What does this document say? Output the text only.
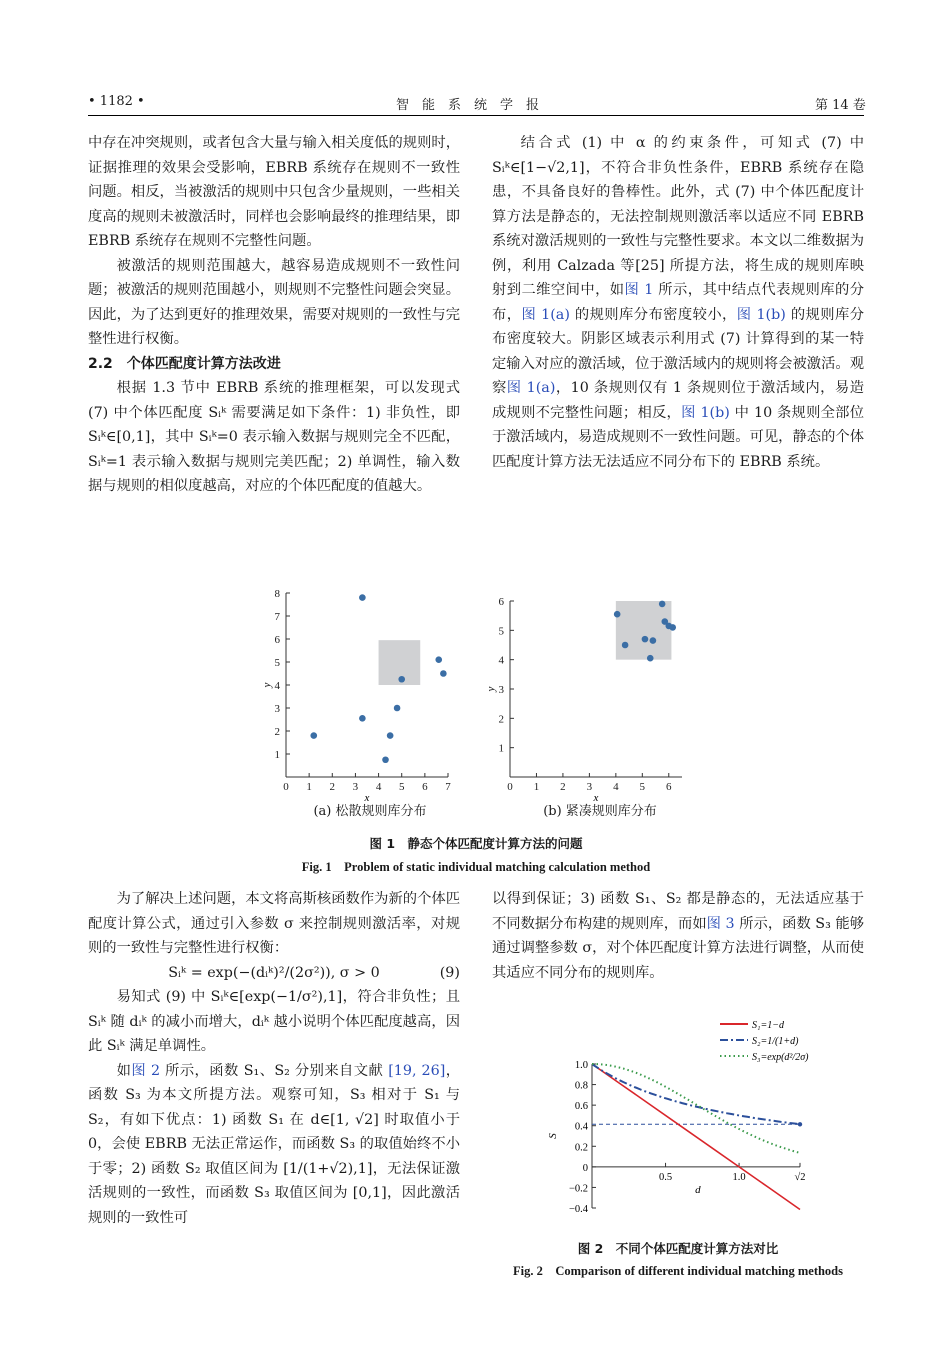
• 1182 •	智　能　系　统　学　报	第 14 卷

中存在冲突规则，或者包含大量与输入相关度低的规则时，证据推理的效果会受影响，EBRB 系统存在规则不一致性问题。相反，当被激活的规则中只包含少量规则，一些相关度高的规则未被激活时，同样也会影响最终的推理结果，即 EBRB 系统存在规则不完整性问题。

被激活的规则范围越大，越容易造成规则不一致性问题；被激活的规则范围越小，则规则不完整性问题会突显。因此，为了达到更好的推理效果，需要对规则的一致性与完整性进行权衡。

2.2　个体匹配度计算方法改进

根据 1.3 节中 EBRB 系统的推理框架，可以发现式 (7) 中个体匹配度 Sᵢᵏ 需要满足如下条件：1) 非负性，即 Sᵢᵏ∈[0,1]，其中 Sᵢᵏ=0 表示输入数据与规则完全不匹配，Sᵢᵏ=1 表示输入数据与规则完美匹配；2) 单调性，输入数据与规则的相似度越高，对应的个体匹配度的值越大。

结合式 (1) 中 α 的约束条件，可知式 (7) 中 Sᵢᵏ∈[1−√2,1]，不符合非负性条件，EBRB 系统存在隐患，不具备良好的鲁棒性。此外，式 (7) 中个体匹配度计算方法是静态的，无法控制规则激活率以适应不同 EBRB 系统对激活规则的一致性与完整性要求。本文以二维数据为例，利用 Calzada 等[25] 所提方法，将生成的规则库映射到二维空间中，如图 1 所示，其中结点代表规则库的分布，图 1(a) 的规则库分布密度较小，图 1(b) 的规则库分布密度较大。阴影区域表示利用式 (7) 计算得到的某一特定输入对应的激活域，位于激活域内的规则将会被激活。观察图 1(a)，10 条规则仅有 1 条规则位于激活域内，易造成规则不完整性问题；相反，图 1(b) 中 10 条规则全部位于激活域内，易造成规则不一致性问题。可见，静态的个体匹配度计算方法无法适应不同分布下的 EBRB 系统。

0 1 2 3 4 5 6 7
1
2
3
4
5
6
7
8
x
y
0 1 2 3 4 5 6
1
2
3
4
5
6
x
y
(a) 松散规则库分布	(b) 紧凑规则库分布
图 1　静态个体匹配度计算方法的问题
Fig. 1　Problem of static individual matching calculation method

为了解决上述问题，本文将高斯核函数作为新的个体匹配度计算公式，通过引入参数 σ 来控制规则激活率，对规则的一致性与完整性进行权衡：

Sᵢᵏ = exp(−(dᵢᵏ)²/(2σ²)), σ > 0	(9)

易知式 (9) 中 Sᵢᵏ∈[exp(−1/σ²),1]，符合非负性；且 Sᵢᵏ 随 dᵢᵏ 的减小而增大，dᵢᵏ 越小说明个体匹配度越高，因此 Sᵢᵏ 满足单调性。

如图 2 所示，函数 S₁、S₂ 分别来自文献 [19, 26]，函数 S₃ 为本文所提方法。观察可知，S₃ 相对于 S₁ 与 S₂，有如下优点：1) 函数 S₁ 在 d∈[1, √2] 时取值小于 0，会使 EBRB 无法正常运作，而函数 S₃ 的取值始终不小于零；2) 函数 S₂ 取值区间为 [1/(1+√2),1]，无法保证激活规则的一致性，而函数 S₃ 取值区间为 [0,1]，因此激活规则的一致性可

以得到保证；3) 函数 S₁、S₂ 都是静态的，无法适应基于不同数据分布构建的规则库，而如图 3 所示，函数 S₃ 能够通过调整参数 σ，对个体匹配度计算方法进行调整，从而使其适应不同分布的规则库。

1.0
0.8
0.6
0.4
0.2
0
−0.2
−0.4
0.5	1.0	√2
d
S
S₁=1−d
S₂=1/(1+d)
S₃=exp(d²/2σ)
图 2　不同个体匹配度计算方法对比
Fig. 2　Comparison of different individual matching methods
